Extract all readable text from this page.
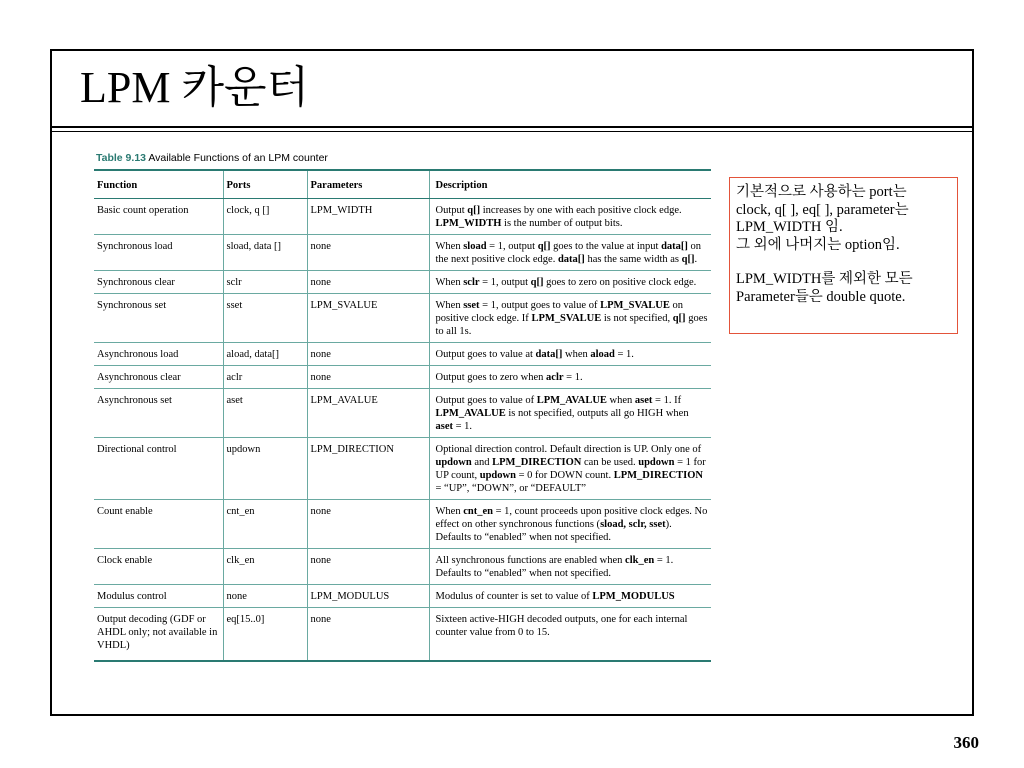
LPM 카운터
Table 9.13 Available Functions of an LPM counter
Function	Ports	Parameters	Description
Basic count operation	clock, q []	LPM_WIDTH	Output q[] increases by one with each positive clock edge. LPM_WIDTH is the number of output bits.
Synchronous load	sload, data []	none	When sload = 1, output q[] goes to the value at input data[] on the next positive clock edge. data[] has the same width as q[].
Synchronous clear	sclr	none	When sclr = 1, output q[] goes to zero on positive clock edge.
Synchronous set	sset	LPM_SVALUE	When sset = 1, output goes to value of LPM_SVALUE on positive clock edge. If LPM_SVALUE is not specified, q[] goes to all 1s.
Asynchronous load	aload, data[]	none	Output goes to value at data[] when aload = 1.
Asynchronous clear	aclr	none	Output goes to zero when aclr = 1.
Asynchronous set	aset	LPM_AVALUE	Output goes to value of LPM_AVALUE when aset = 1. If LPM_AVALUE is not specified, outputs all go HIGH when aset = 1.
Directional control	updown	LPM_DIRECTION	Optional direction control. Default direction is UP. Only one of updown and LPM_DIRECTION can be used. updown = 1 for UP count, updown = 0 for DOWN count. LPM_DIRECTION = “UP”, “DOWN”, or “DEFAULT”
Count enable	cnt_en	none	When cnt_en = 1, count proceeds upon positive clock edges. No effect on other synchronous functions (sload, sclr, sset). Defaults to “enabled” when not specified.
Clock enable	clk_en	none	All synchronous functions are enabled when clk_en = 1. Defaults to “enabled” when not specified.
Modulus control	none	LPM_MODULUS	Modulus of counter is set to value of LPM_MODULUS
Output decoding (GDF or AHDL only; not available in VHDL)	eq[15..0]	none	Sixteen active-HIGH decoded outputs, one for each internal counter value from 0 to 15.

기본적으로 사용하는 port는

clock, q[ ], eq[ ], parameter는

LPM_WIDTH 임.

그 외에 나머지는 option임.

LPM_WIDTH를 제외한 모든

Parameter들은 double quote.

360
